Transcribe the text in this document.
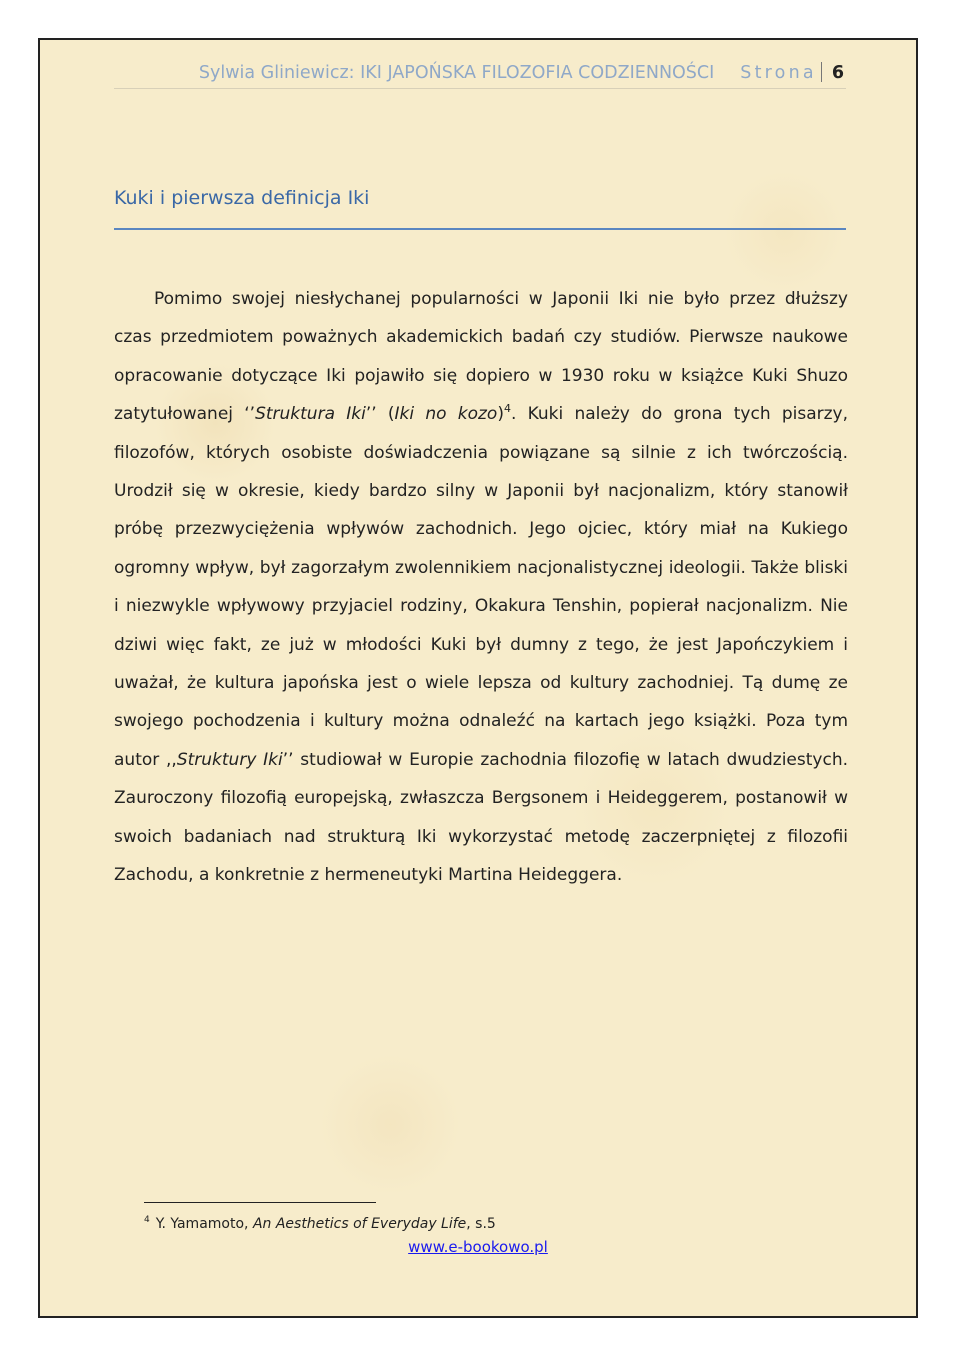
Sylwia Gliniewicz: IKI JAPOŃSKA FILOZOFIA CODZIENNOŚCI Strona 6
Kuki i pierwsza definicja Iki

Pomimo swojej niesłychanej popularności w Japonii Iki nie było przez dłuższy czas przedmiotem poważnych akademickich badań czy studiów. Pierwsze naukowe opracowanie dotyczące Iki pojawiło się dopiero w 1930 roku w książce Kuki Shuzo zatytułowanej ‘’Struktura Iki’’ (Iki no kozo)$^4$. Kuki należy do grona tych pisarzy, filozofów, których osobiste doświadczenia powiązane są silnie z ich twórczością. Urodził się w okresie, kiedy bardzo silny w Japonii był nacjonalizm, który stanowił próbę przezwyciężenia wpływów zachodnich. Jego ojciec, który miał na Kukiego ogromny wpływ, był zagorzałym zwolennikiem nacjonalistycznej ideologii. Także bliski i niezwykle wpływowy przyjaciel rodziny, Okakura Tenshin, popierał nacjonalizm. Nie dziwi więc fakt, ze już w młodości Kuki był dumny z tego, że jest Japończykiem i uważał, że kultura japońska jest o wiele lepsza od kultury zachodniej. Tą dumę ze swojego pochodzenia i kultury można odnaleźć na kartach jego książki. Poza tym autor ,,Struktury Iki’’ studiował w Europie zachodnia filozofię w latach dwudziestych. Zauroczony filozofią europejską, zwłaszcza Bergsonem i Heideggerem, postanowił w swoich badaniach nad strukturą Iki wykorzystać metodę zaczerpniętej z filozofii Zachodu, a konkretnie z hermeneutyki Martina Heideggera.

$^4$ Y. Yamamoto, An Aesthetics of Everyday Life, s.5
www.e-bookowo.pl
